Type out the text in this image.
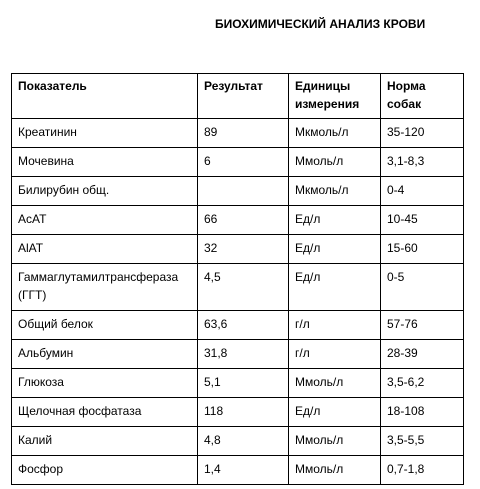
БИОХИМИЧЕСКИЙ АНАЛИЗ КРОВИ
Показатель	Результат	Единицы измерения	Норма собак
Креатинин	89	Мкмоль/л	35-120
Мочевина	6	Ммоль/л	3,1-8,3
Билирубин общ.		Мкмоль/л	0-4
АсАТ	66	Ед/л	10-45
AlAT	32	Ед/л	15-60
Гаммаглутамилтрансфераза (ГГТ)	4,5	Ед/л	0-5
Общий белок	63,6	г/л	57-76
Альбумин	31,8	г/л	28-39
Глюкоза	5,1	Ммоль/л	3,5-6,2
Щелочная фосфатаза	118	Ед/л	18-108
Калий	4,8	Ммоль/л	3,5-5,5
Фосфор	1,4	Ммоль/л	0,7-1,8
